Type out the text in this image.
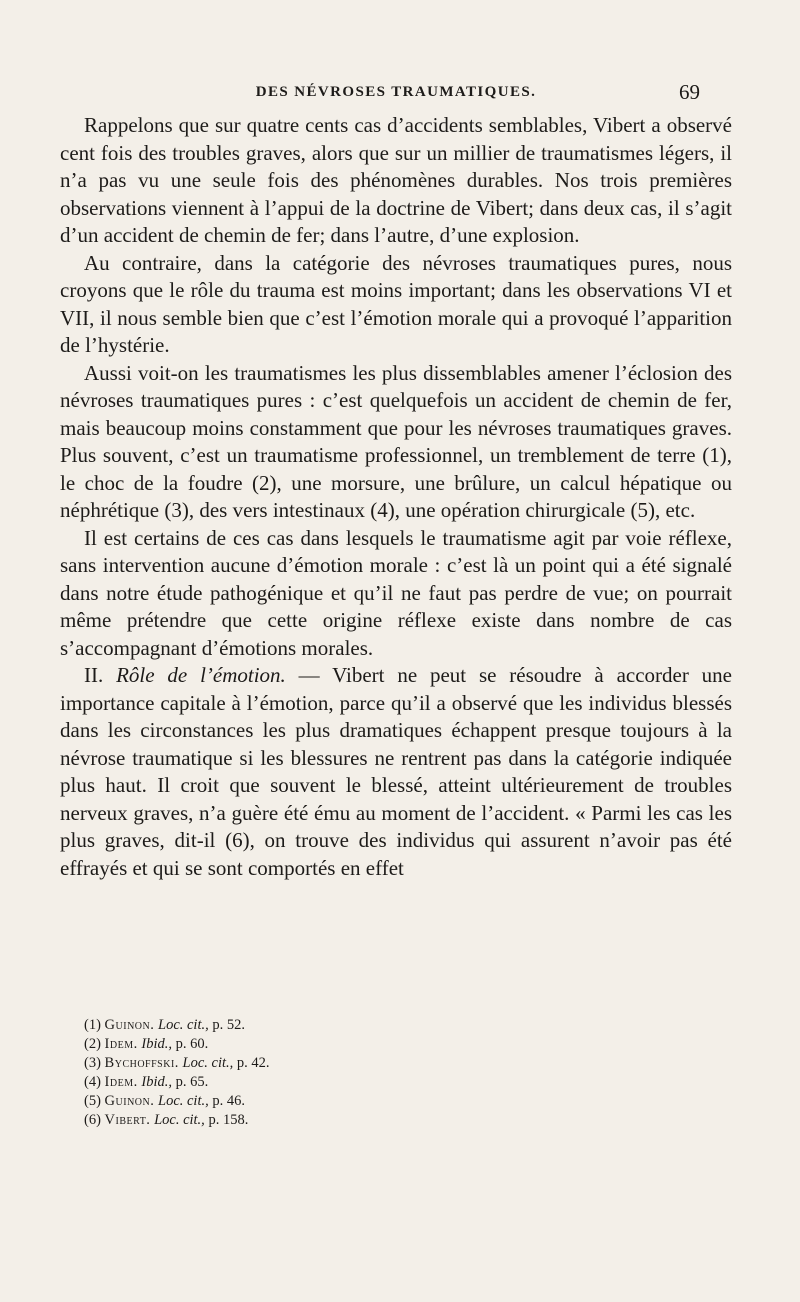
DES NÉVROSES TRAUMATIQUES.	69

Rappelons que sur quatre cents cas d’accidents semblables, Vibert a observé cent fois des troubles graves, alors que sur un millier de traumatismes légers, il n’a pas vu une seule fois des phénomènes durables. Nos trois premières observations viennent à l’appui de la doctrine de Vibert; dans deux cas, il s’agit d’un accident de chemin de fer; dans l’autre, d’une explosion.

Au contraire, dans la catégorie des névroses traumatiques pures, nous croyons que le rôle du trauma est moins important; dans les observations VI et VII, il nous semble bien que c’est l’émotion morale qui a provoqué l’apparition de l’hystérie.

Aussi voit-on les traumatismes les plus dissemblables amener l’éclosion des névroses traumatiques pures : c’est quelquefois un accident de chemin de fer, mais beaucoup moins constamment que pour les névroses traumatiques graves. Plus souvent, c’est un traumatisme professionnel, un tremblement de terre (1), le choc de la foudre (2), une morsure, une brûlure, un calcul hépatique ou néphrétique (3), des vers intestinaux (4), une opération chirurgicale (5), etc.

Il est certains de ces cas dans lesquels le traumatisme agit par voie réflexe, sans intervention aucune d’émotion morale : c’est là un point qui a été signalé dans notre étude pathogénique et qu’il ne faut pas perdre de vue; on pourrait même prétendre que cette origine réflexe existe dans nombre de cas s’accompagnant d’émotions morales.

II. Rôle de l’émotion. — Vibert ne peut se résoudre à accorder une importance capitale à l’émotion, parce qu’il a observé que les individus blessés dans les circonstances les plus dramatiques échappent presque toujours à la névrose traumatique si les blessures ne rentrent pas dans la catégorie indiquée plus haut. Il croit que souvent le blessé, atteint ultérieurement de troubles nerveux graves, n’a guère été ému au moment de l’accident. « Parmi les cas les plus graves, dit-il (6), on trouve des individus qui assurent n’avoir pas été effrayés et qui se sont comportés en effet

(1) Guinon. Loc. cit., p. 52.
(2) Idem. Ibid., p. 60.
(3) Bychoffski. Loc. cit., p. 42.
(4) Idem. Ibid., p. 65.
(5) Guinon. Loc. cit., p. 46.
(6) Vibert. Loc. cit., p. 158.
